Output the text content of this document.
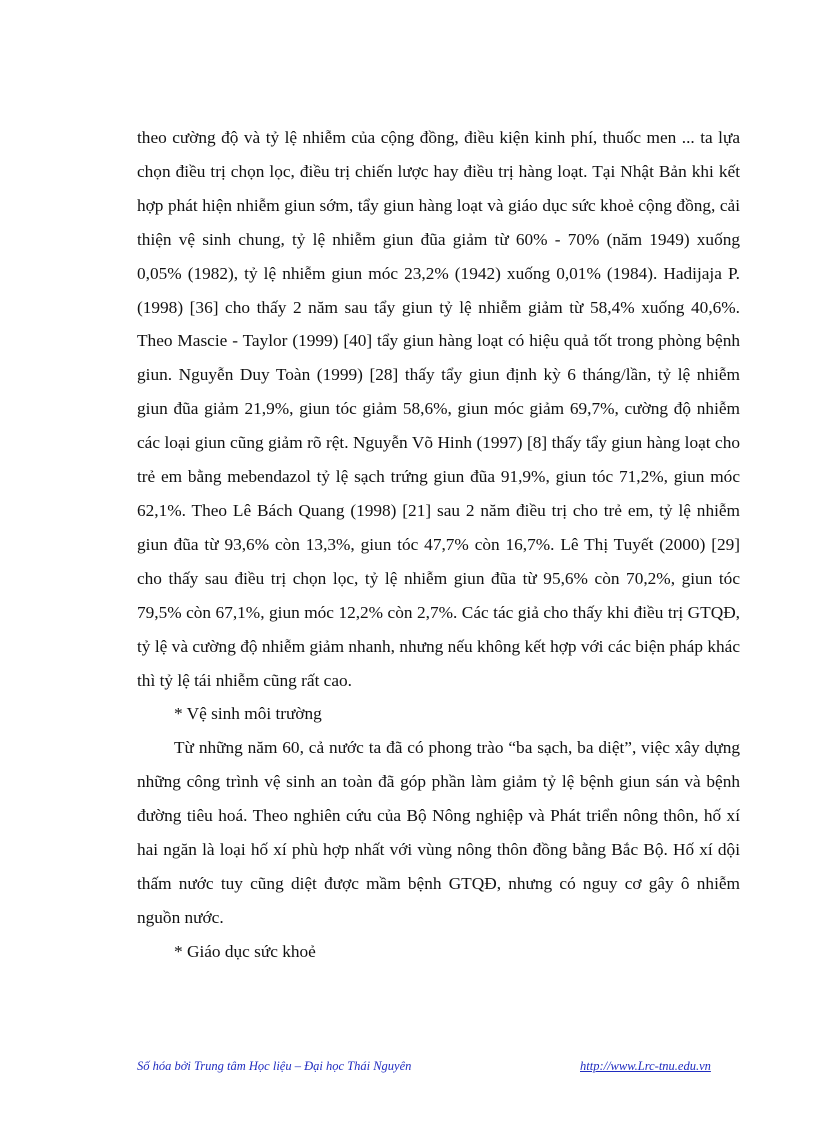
theo cường độ và tỷ lệ nhiễm của cộng đồng, điều kiện kinh phí, thuốc men ... ta lựa chọn điều trị chọn lọc, điều trị chiến lược hay điều trị hàng loạt. Tại Nhật Bản khi kết hợp phát hiện nhiễm giun sớm, tẩy giun hàng loạt và giáo dục sức khoẻ cộng đồng, cải thiện vệ sinh chung, tỷ lệ nhiễm giun đũa giảm từ 60% - 70% (năm 1949) xuống 0,05% (1982), tỷ lệ nhiễm giun móc 23,2% (1942) xuống 0,01% (1984). Hadijaja P. (1998) [36] cho thấy 2 năm sau tẩy giun tỷ lệ nhiễm giảm từ 58,4% xuống 40,6%. Theo Mascie - Taylor (1999) [40] tẩy giun hàng loạt có hiệu quả tốt trong phòng bệnh giun. Nguyễn Duy Toàn (1999) [28] thấy tẩy giun định kỳ 6 tháng/lần, tỷ lệ nhiễm giun đũa giảm 21,9%, giun tóc giảm 58,6%, giun móc giảm 69,7%, cường độ nhiễm các loại giun cũng giảm rõ rệt. Nguyễn Võ Hinh (1997) [8] thấy tẩy giun hàng loạt cho trẻ em bằng mebendazol tỷ lệ sạch trứng giun đũa 91,9%, giun tóc 71,2%, giun móc 62,1%. Theo Lê Bách Quang (1998) [21] sau 2 năm điều trị cho trẻ em, tỷ lệ nhiễm giun đũa từ 93,6% còn 13,3%, giun tóc 47,7% còn 16,7%. Lê Thị Tuyết (2000) [29] cho thấy sau điều trị chọn lọc, tỷ lệ nhiễm giun đũa từ 95,6% còn 70,2%, giun tóc 79,5% còn 67,1%, giun móc 12,2% còn 2,7%. Các tác giả cho thấy khi điều trị GTQĐ, tỷ lệ và cường độ nhiễm giảm nhanh, nhưng nếu không kết hợp với các biện pháp khác thì tỷ lệ tái nhiễm cũng rất cao.

* Vệ sinh môi trường

Từ những năm 60, cả nước ta đã có phong trào “ba sạch, ba diệt”, việc xây dựng những công trình vệ sinh an toàn đã góp phần làm giảm tỷ lệ bệnh giun sán và bệnh đường tiêu hoá. Theo nghiên cứu của Bộ Nông nghiệp và Phát triển nông thôn, hố xí hai ngăn là loại hố xí phù hợp nhất với vùng nông thôn đồng bằng Bắc Bộ. Hố xí dội thấm nước tuy cũng diệt được mầm bệnh GTQĐ, nhưng có nguy cơ gây ô nhiễm nguồn nước.

* Giáo dục sức khoẻ

Số hóa bởi Trung tâm Học liệu – Đại học Thái Nguyên	http://www.Lrc-tnu.edu.vn
